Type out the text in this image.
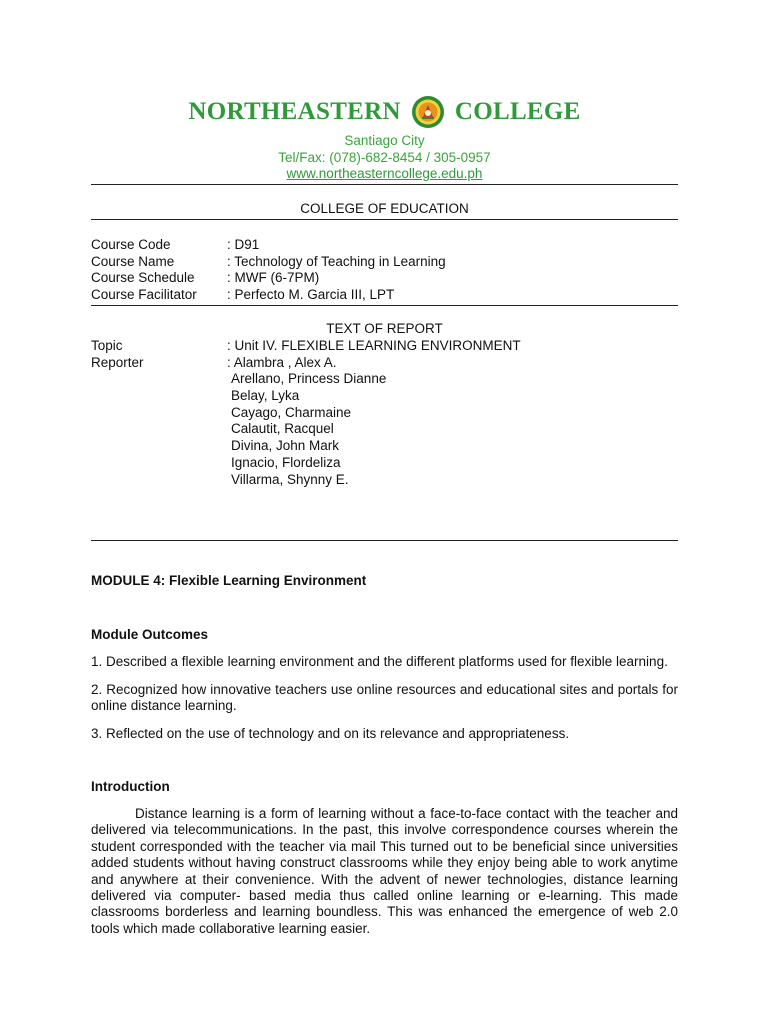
NORTHEASTERN COLLEGE
Santiago City
Tel/Fax: (078)-682-8454 / 305-0957
www.northeasterncollege.edu.ph
COLLEGE OF EDUCATION
Course Code	: D91
Course Name	: Technology of Teaching in Learning
Course Schedule	: MWF (6-7PM)
Course Facilitator	: Perfecto M. Garcia III, LPT
TEXT OF REPORT
Topic	: Unit IV. FLEXIBLE LEARNING ENVIRONMENT
Reporter	: Alambra , Alex A.
Arellano, Princess Dianne
Belay, Lyka
Cayago, Charmaine
Calautit, Racquel
Divina, John Mark
Ignacio, Flordeliza
Villarma, Shynny E.
MODULE 4: Flexible Learning Environment
Module Outcomes
1. Described a flexible learning environment and the different platforms used for flexible learning.
2. Recognized how innovative teachers use online resources and educational sites and portals for online distance learning.
3. Reflected on the use of technology and on its relevance and appropriateness.
Introduction
Distance learning is a form of learning without a face-to-face contact with the teacher and delivered via telecommunications. In the past, this involve correspondence courses wherein the student corresponded with the teacher via mail This turned out to be beneficial since universities added students without having construct classrooms while they enjoy being able to work anytime and anywhere at their convenience. With the advent of newer technologies, distance learning delivered via computer- based media thus called online learning or e-learning. This made classrooms borderless and learning boundless. This was enhanced the emergence of web 2.0 tools which made collaborative learning easier.
